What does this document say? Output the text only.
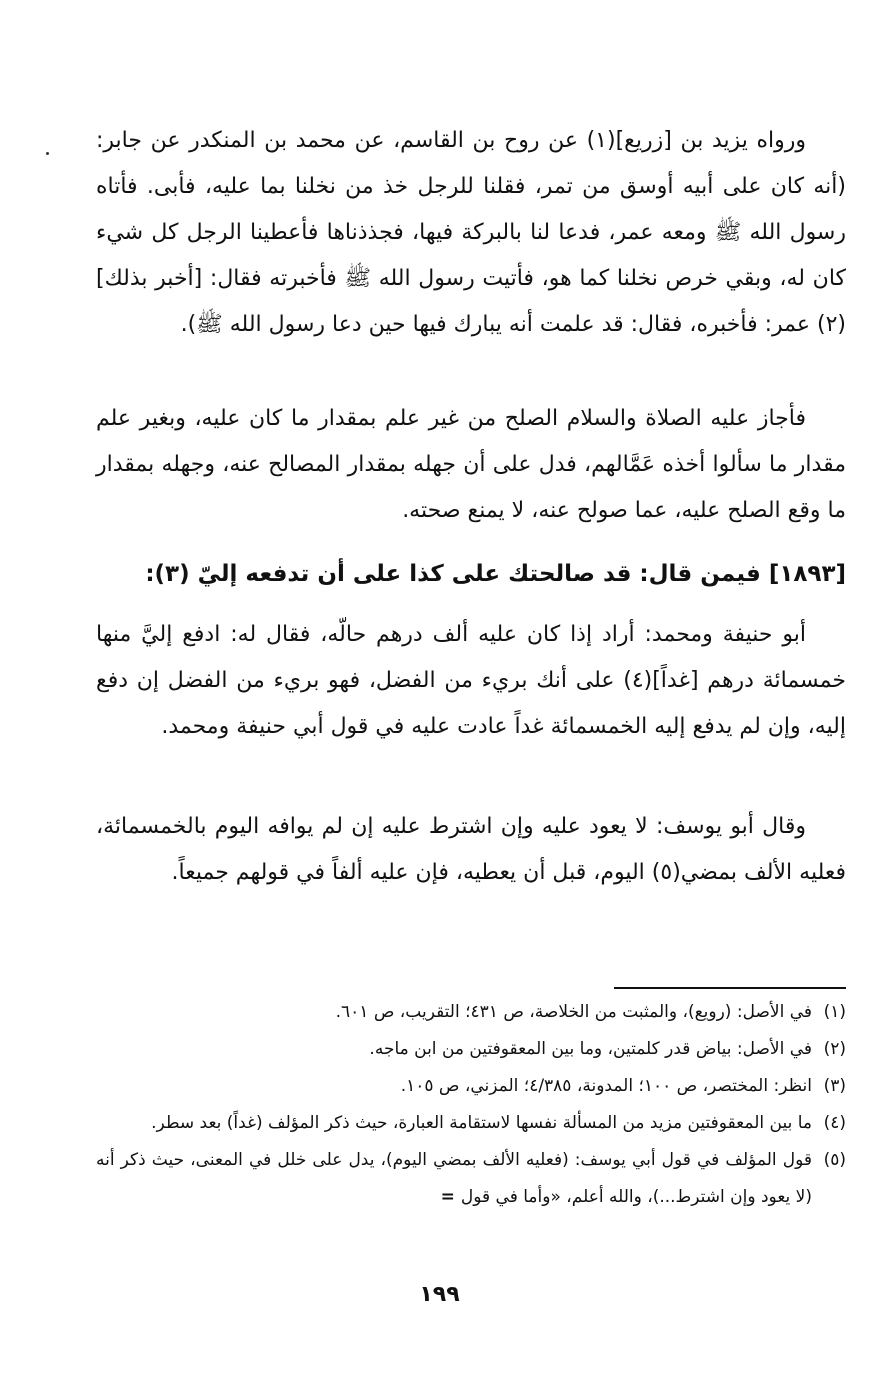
ورواه يزيد بن [زريع](١) عن روح بن القاسم، عن محمد بن المنكدر عن جابر: (أنه كان على أبيه أوسق من تمر، فقلنا للرجل خذ من نخلنا بما عليه، فأبى. فأتاه رسول الله ﷺ ومعه عمر، فدعا لنا بالبركة فيها، فجذذناها فأعطينا الرجل كل شيء كان له، وبقي خرص نخلنا كما هو، فأتيت رسول الله ﷺ فأخبرته فقال: [أخبر بذلك](٢) عمر: فأخبره، فقال: قد علمت أنه يبارك فيها حين دعا رسول الله ﷺ).

فأجاز عليه الصلاة والسلام الصلح من غير علم بمقدار ما كان عليه، وبغير علم مقدار ما سألوا أخذه عَمَّالهم، فدل على أن جهله بمقدار المصالح عنه، وجهله بمقدار ما وقع الصلح عليه، عما صولح عنه، لا يمنع صحته.

[١٨٩٣] فيمن قال: قد صالحتك على كذا على أن تدفعه إليّ (٣):

أبو حنيفة ومحمد: أراد إذا كان عليه ألف درهم حالّه، فقال له: ادفع إليَّ منها خمسمائة درهم [غداً](٤) على أنك بريء من الفضل، فهو بريء من الفضل إن دفع إليه، وإن لم يدفع إليه الخمسمائة غداً عادت عليه في قول أبي حنيفة ومحمد.

وقال أبو يوسف: لا يعود عليه وإن اشترط عليه إن لم يوافه اليوم بالخمسمائة، فعليه الألف بمضي(٥) اليوم، قبل أن يعطيه، فإن عليه ألفاً في قولهم جميعاً.

(١)
في الأصل: (رويع)، والمثبت من الخلاصة، ص ٤٣١؛ التقريب، ص ٦٠١.
(٢)
في الأصل: بياض قدر كلمتين، وما بين المعقوفتين من ابن ماجه.
(٣)
انظر: المختصر، ص ١٠٠؛ المدونة، ٤/٣٨٥؛ المزني، ص ١٠٥.
(٤)
ما بين المعقوفتين مزيد من المسألة نفسها لاستقامة العبارة، حيث ذكر المؤلف (غداً) بعد سطر.
(٥)
قول المؤلف في قول أبي يوسف: (فعليه الألف بمضي اليوم)، يدل على خلل في المعنى، حيث ذكر أنه (لا يعود وإن اشترط...)، والله أعلم، «وأما في قول=
١٩٩
